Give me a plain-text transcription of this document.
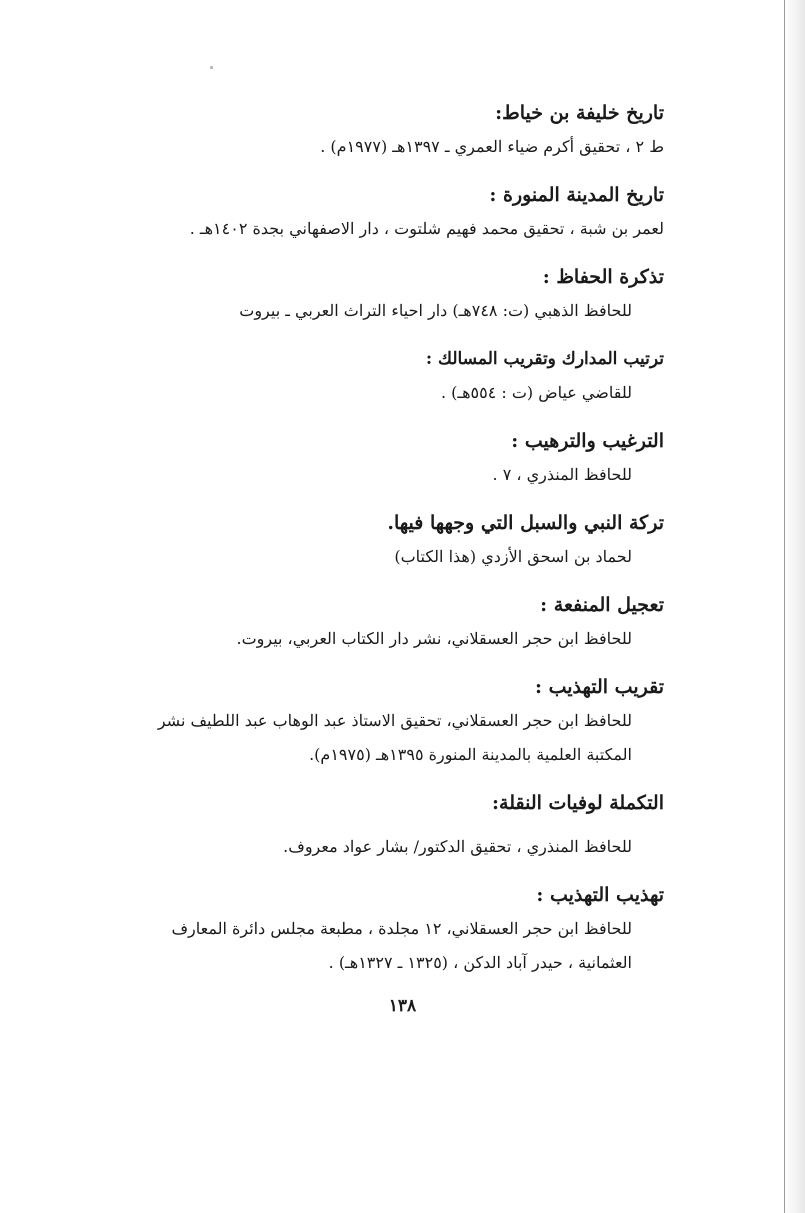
تاريخ خليفة بن خياط:

ط ٢ ، تحقيق أكرم ضياء العمري ـ ١٣٩٧هـ (١٩٧٧م) .

تاريخ المدينة المنورة :

لعمر بن شبة ، تحقيق محمد فهيم شلتوت ، دار الاصفهاني بجدة ١٤٠٢هـ .

تذكرة الحفاظ :

للحافظ الذهبي (ت: ٧٤٨هـ) دار احياء التراث العربي ـ بيروت

ترتيب المدارك وتقريب المسالك :

للقاضي عياض (ت : ٥٥٤هـ) .

الترغيب والترهيب :

للحافظ المنذري ، ٧ .

تركة النبي والسبل التي وجهها فيها.

لحماد بن اسحق الأزدي (هذا الكتاب)

تعجيل المنفعة :

للحافظ ابن حجر العسقلاني، نشر دار الكتاب العربي، بيروت.

تقريب التهذيب :

للحافظ ابن حجر العسقلاني، تحقيق الاستاذ عبد الوهاب عبد اللطيف نشر

المكتبة العلمية بالمدينة المنورة ١٣٩٥هـ (١٩٧٥م).

التكملة لوفيات النقلة:

للحافظ المنذري ، تحقيق الدكتور/ بشار عواد معروف.

تهذيب التهذيب :

للحافظ ابن حجر العسقلاني، ١٢ مجلدة ، مطبعة مجلس دائرة المعارف

العثمانية ، حيدر آباد الدكن ، (١٣٢٥ ـ ١٣٢٧هـ) .

١٣٨
